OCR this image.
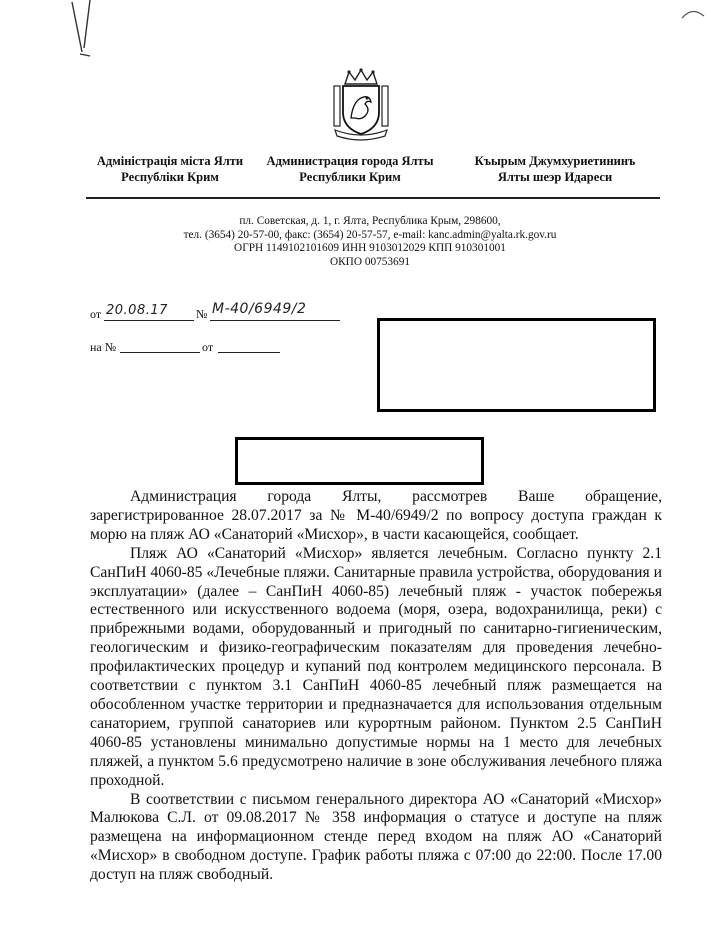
Адміністрація міста Ялти
Республіки Крим
Администрация города Ялты
Республики Крим
Къырым Джумхуриетининъ
Ялты шеэр Идареси
пл. Советская, д. 1, г. Ялта, Республика Крым, 298600,
тел. (3654) 20-57-00, факс: (3654) 20-57-57, e-mail: kanc.admin@yalta.rk.gov.ru
ОГРН 1149102101609 ИНН 9103012029 КПП 910301001
ОКПО 00753691
от 20.08.17 № М-40/6949/2
на №	от

Администрация города Ялты, рассмотрев Ваше обращение, зарегистрированное 28.07.2017 за № М-40/6949/2 по вопросу доступа граждан к морю на пляж АО «Санаторий «Мисхор», в части касающейся, сообщает.

Пляж АО «Санаторий «Мисхор» является лечебным. Согласно пункту 2.1 СанПиН 4060-85 «Лечебные пляжи. Санитарные правила устройства, оборудования и эксплуатации» (далее – СанПиН 4060-85) лечебный пляж - участок побережья естественного или искусственного водоема (моря, озера, водохранилища, реки) с прибрежными водами, оборудованный и пригодный по санитарно-гигиеническим, геологическим и физико-географическим показателям для проведения лечебно-профилактических процедур и купаний под контролем медицинского персонала. В соответствии с пунктом 3.1 СанПиН 4060-85 лечебный пляж размещается на обособленном участке территории и предназначается для использования отдельным санаторием, группой санаториев или курортным районом. Пунктом 2.5 СанПиН 4060-85 установлены минимально допустимые нормы на 1 место для лечебных пляжей, а пунктом 5.6 предусмотрено наличие в зоне обслуживания лечебного пляжа проходной.

В соответствии с письмом генерального директора АО «Санаторий «Мисхор» Малюкова С.Л. от 09.08.2017 № 358 информация о статусе и доступе на пляж размещена на информационном стенде перед входом на пляж АО «Санаторий «Мисхор» в свободном доступе. График работы пляжа с 07:00 до 22:00. После 17.00 доступ на пляж свободный.
